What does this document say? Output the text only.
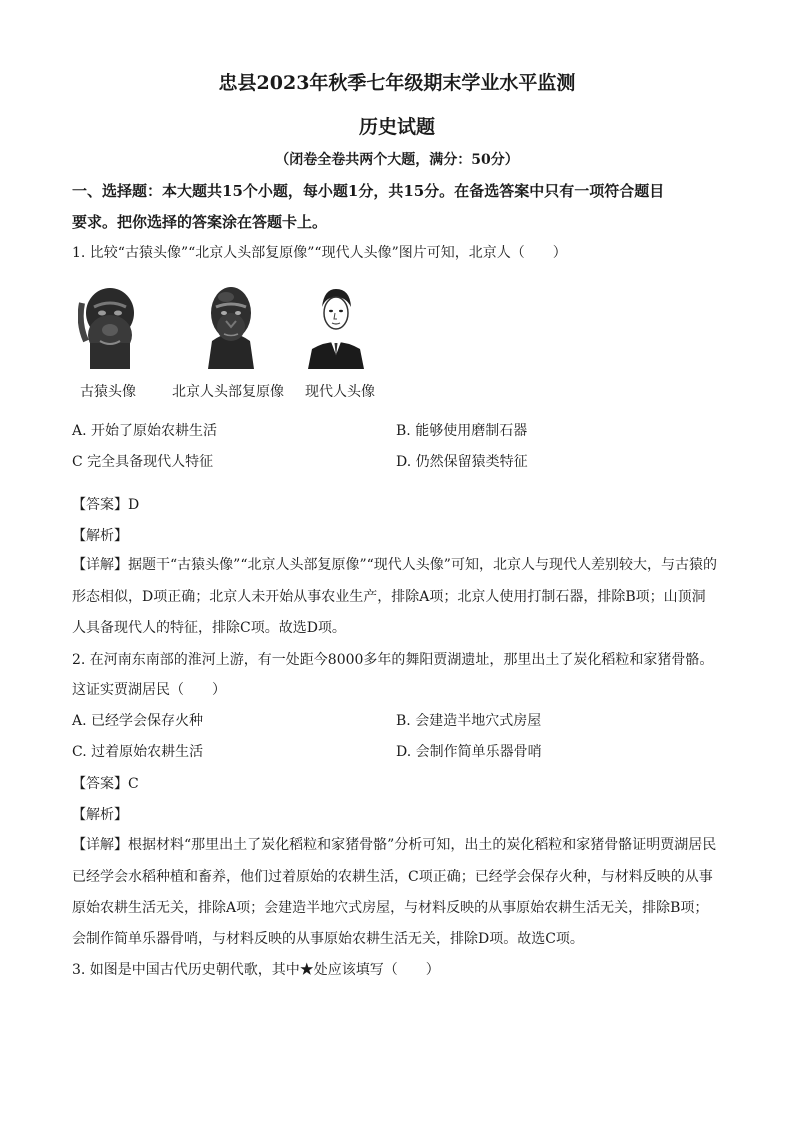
忠县2023年秋季七年级期末学业水平监测
历史试题
（闭卷全卷共两个大题，满分：50分）
一、选择题：本大题共15个小题，每小题1分，共15分。在备选答案中只有一项符合题目
要求。把你选择的答案涂在答题卡上。
1. 比较“古猿头像”“北京人头部复原像”“现代人头像”图片可知，北京人（　　）
古猿头像	北京人头部复原像 现代人头像
A. 开始了原始农耕生活	B. 能够使用磨制石器
C 完全具备现代人特征	D. 仍然保留猿类特征
【答案】D
【解析】
【详解】据题干“古猿头像”“北京人头部复原像”“现代人头像”可知，北京人与现代人差别较大，与古猿的
形态相似，D项正确；北京人未开始从事农业生产，排除A项；北京人使用打制石器，排除B项；山顶洞
人具备现代人的特征，排除C项。故选D项。
2. 在河南东南部的淮河上游，有一处距今8000多年的舞阳贾湖遗址，那里出土了炭化稻粒和家猪骨骼。
这证实贾湖居民（　　）
A. 已经学会保存火种	B. 会建造半地穴式房屋
C. 过着原始农耕生活	D. 会制作简单乐器骨哨
【答案】C
【解析】
【详解】根据材料“那里出土了炭化稻粒和家猪骨骼”分析可知，出土的炭化稻粒和家猪骨骼证明贾湖居民
已经学会水稻种植和畜养，他们过着原始的农耕生活，C项正确；已经学会保存火种，与材料反映的从事
原始农耕生活无关，排除A项；会建造半地穴式房屋，与材料反映的从事原始农耕生活无关，排除B项；
会制作简单乐器骨哨，与材料反映的从事原始农耕生活无关，排除D项。故选C项。
3. 如图是中国古代历史朝代歌，其中★处应该填写（　　）
